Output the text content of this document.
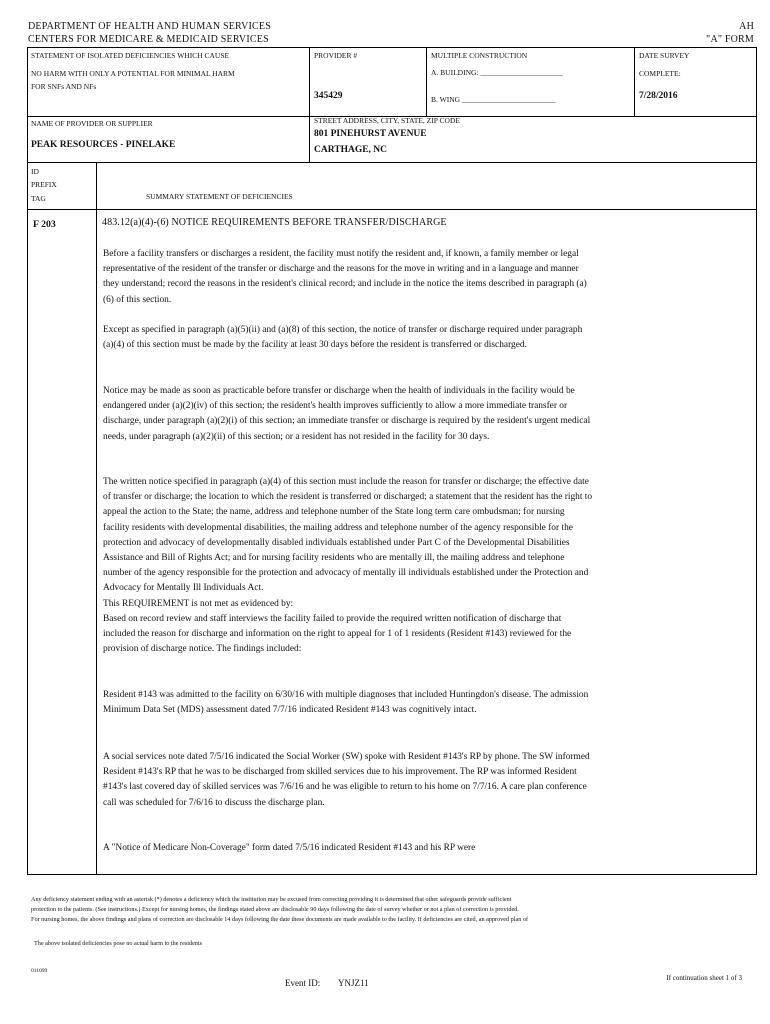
DEPARTMENT OF HEALTH AND HUMAN SERVICES
CENTERS FOR MEDICARE & MEDICAID SERVICES
AH
"A" FORM
STATEMENT OF ISOLATED DEFICIENCIES WHICH CAUSE
NO HARM WITH ONLY A POTENTIAL FOR MINIMAL HARM
FOR SNFs AND NFs
PROVIDER #
345429
MULTIPLE CONSTRUCTION
A. BUILDING: ______________________
B. WING _________________________
DATE SURVEY
COMPLETE:
7/28/2016
NAME OF PROVIDER OR SUPPLIER
PEAK RESOURCES - PINELAKE
STREET ADDRESS, CITY, STATE, ZIP CODE
801 PINEHURST AVENUE
CARTHAGE, NC
ID
PREFIX
TAG	SUMMARY STATEMENT OF DEFICIENCIES
F 203	483.12(a)(4)-(6) NOTICE REQUIREMENTS BEFORE TRANSFER/DISCHARGE

Before a facility transfers or discharges a resident, the facility must notify the resident and, if known, a family member or legal representative of the resident of the transfer or discharge and the reasons for the move in writing and in a language and manner they understand; record the reasons in the resident's clinical record; and include in the notice the items described in paragraph (a)(6) of this section.

Except as specified in paragraph (a)(5)(ii) and (a)(8) of this section, the notice of transfer or discharge required under paragraph (a)(4) of this section must be made by the facility at least 30 days before the resident is transferred or discharged.

Notice may be made as soon as practicable before transfer or discharge when the health of individuals in the facility would be endangered under (a)(2)(iv) of this section; the resident's health improves sufficiently to allow a more immediate transfer or discharge, under paragraph (a)(2)(i) of this section; an immediate transfer or discharge is required by the resident's urgent medical needs, under paragraph (a)(2)(ii) of this section; or a resident has not resided in the facility for 30 days.

The written notice specified in paragraph (a)(4) of this section must include the reason for transfer or discharge; the effective date of transfer or discharge; the location to which the resident is transferred or discharged; a statement that the resident has the right to appeal the action to the State; the name, address and telephone number of the State long term care ombudsman; for nursing facility residents with developmental disabilities, the mailing address and telephone number of the agency responsible for the protection and advocacy of developmentally disabled individuals established under Part C of the Developmental Disabilities Assistance and Bill of Rights Act; and for nursing facility residents who are mentally ill, the mailing address and telephone number of the agency responsible for the protection and advocacy of mentally ill individuals established under the Protection and Advocacy for Mentally Ill Individuals Act.
This REQUIREMENT is not met as evidenced by:
Based on record review and staff interviews the facility failed to provide the required written notification of discharge that included the reason for discharge and information on the right to appeal for 1 of 1 residents (Resident #143) reviewed for the provision of discharge notice. The findings included:

Resident #143 was admitted to the facility on 6/30/16 with multiple diagnoses that included Huntingdon's disease. The admission Minimum Data Set (MDS) assessment dated 7/7/16 indicated Resident #143 was cognitively intact.

A social services note dated 7/5/16 indicated the Social Worker (SW) spoke with Resident #143's RP by phone. The SW informed Resident #143's RP that he was to be discharged from skilled services due to his improvement. The RP was informed Resident #143's last covered day of skilled services was 7/6/16 and he was eligible to return to his home on 7/7/16. A care plan conference call was scheduled for 7/6/16 to discuss the discharge plan.

A "Notice of Medicare Non-Coverage" form dated 7/5/16 indicated Resident #143 and his RP were

Any deficiency statement ending with an asterisk (*) denotes a deficiency which the institution may be excused from correcting providing it is determined that other safeguards provide sufficient
protection to the patients. (See instructions.) Except for nursing homes, the findings stated above are disclosable 90 days following the date of survey whether or not a plan of correction is provided.
For nursing homes, the above findings and plans of correction are disclosable 14 days following the date these documents are made available to the facility. If deficiencies are cited, an approved plan of
The above isolated deficiencies pose no actual harm to the residents
011099
Event ID: YNJZ11	If continuation sheet 1 of 3
